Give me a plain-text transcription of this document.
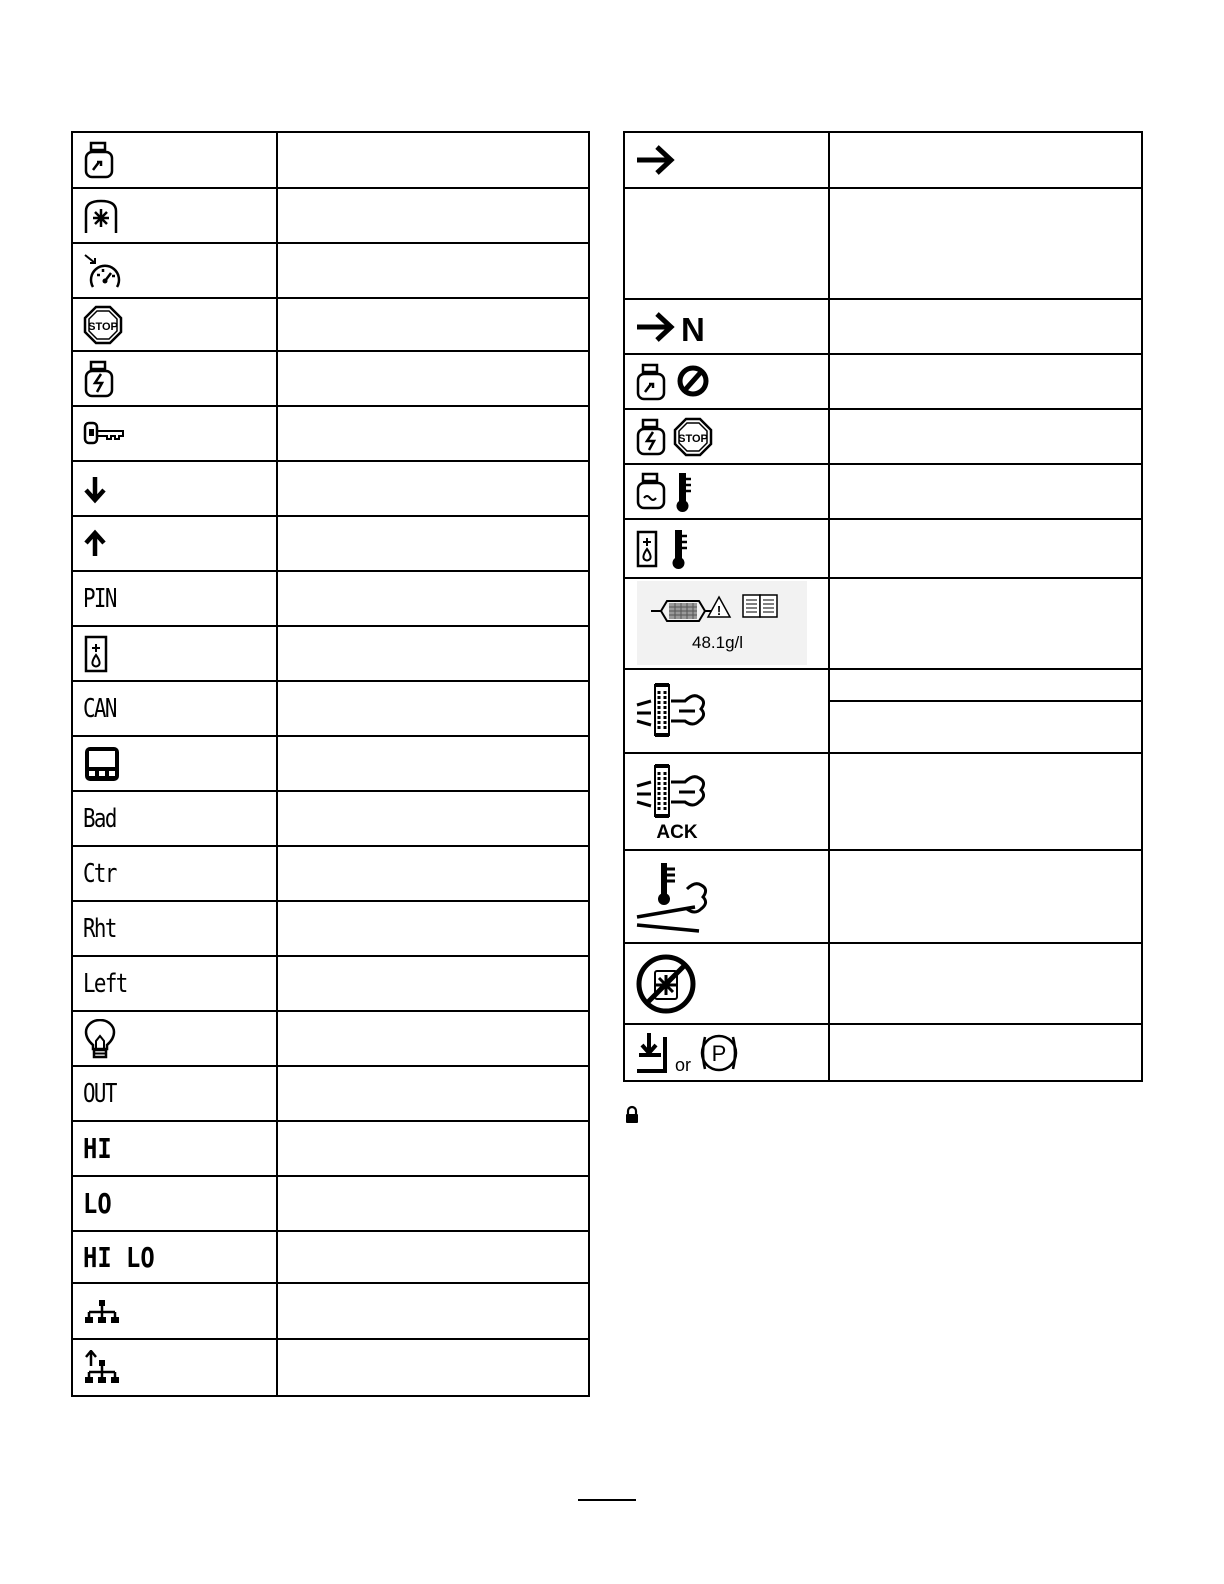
STOP
PIN
CAN
Bad
Ctr
Rht
Left
OUT
HI
LO
HI LO
N
STOP
!
48.1g/l
ACK
or P
